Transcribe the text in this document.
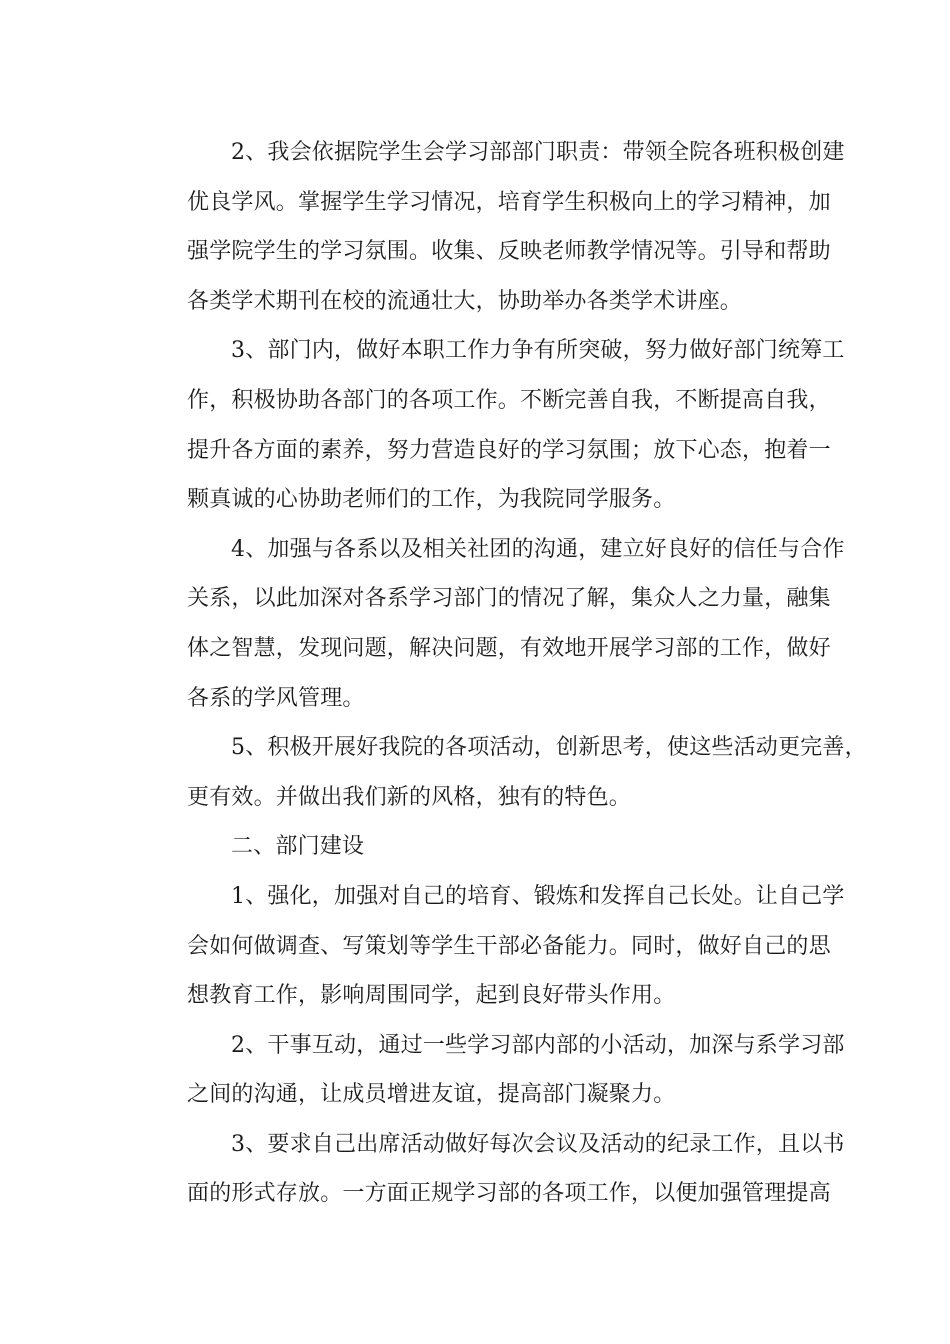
2、我会依据院学生会学习部部门职责：带领全院各班积极创建
优良学风。掌握学生学习情况，培育学生积极向上的学习精神，加
强学院学生的学习氛围。收集、反映老师教学情况等。引导和帮助
各类学术期刊在校的流通壮大，协助举办各类学术讲座。
3、部门内，做好本职工作力争有所突破，努力做好部门统筹工
作，积极协助各部门的各项工作。不断完善自我，不断提高自我，
提升各方面的素养，努力营造良好的学习氛围；放下心态，抱着一
颗真诚的心协助老师们的工作，为我院同学服务。
4、加强与各系以及相关社团的沟通，建立好良好的信任与合作
关系，以此加深对各系学习部门的情况了解，集众人之力量，融集
体之智慧，发现问题，解决问题，有效地开展学习部的工作，做好
各系的学风管理。
5、积极开展好我院的各项活动，创新思考，使这些活动更完善，
更有效。并做出我们新的风格，独有的特色。
二、部门建设
1、强化，加强对自己的培育、锻炼和发挥自己长处。让自己学
会如何做调查、写策划等学生干部必备能力。同时，做好自己的思
想教育工作，影响周围同学，起到良好带头作用。
2、干事互动，通过一些学习部内部的小活动，加深与系学习部
之间的沟通，让成员增进友谊，提高部门凝聚力。
3、要求自己出席活动做好每次会议及活动的纪录工作，且以书
面的形式存放。一方面正规学习部的各项工作，以便加强管理提高
